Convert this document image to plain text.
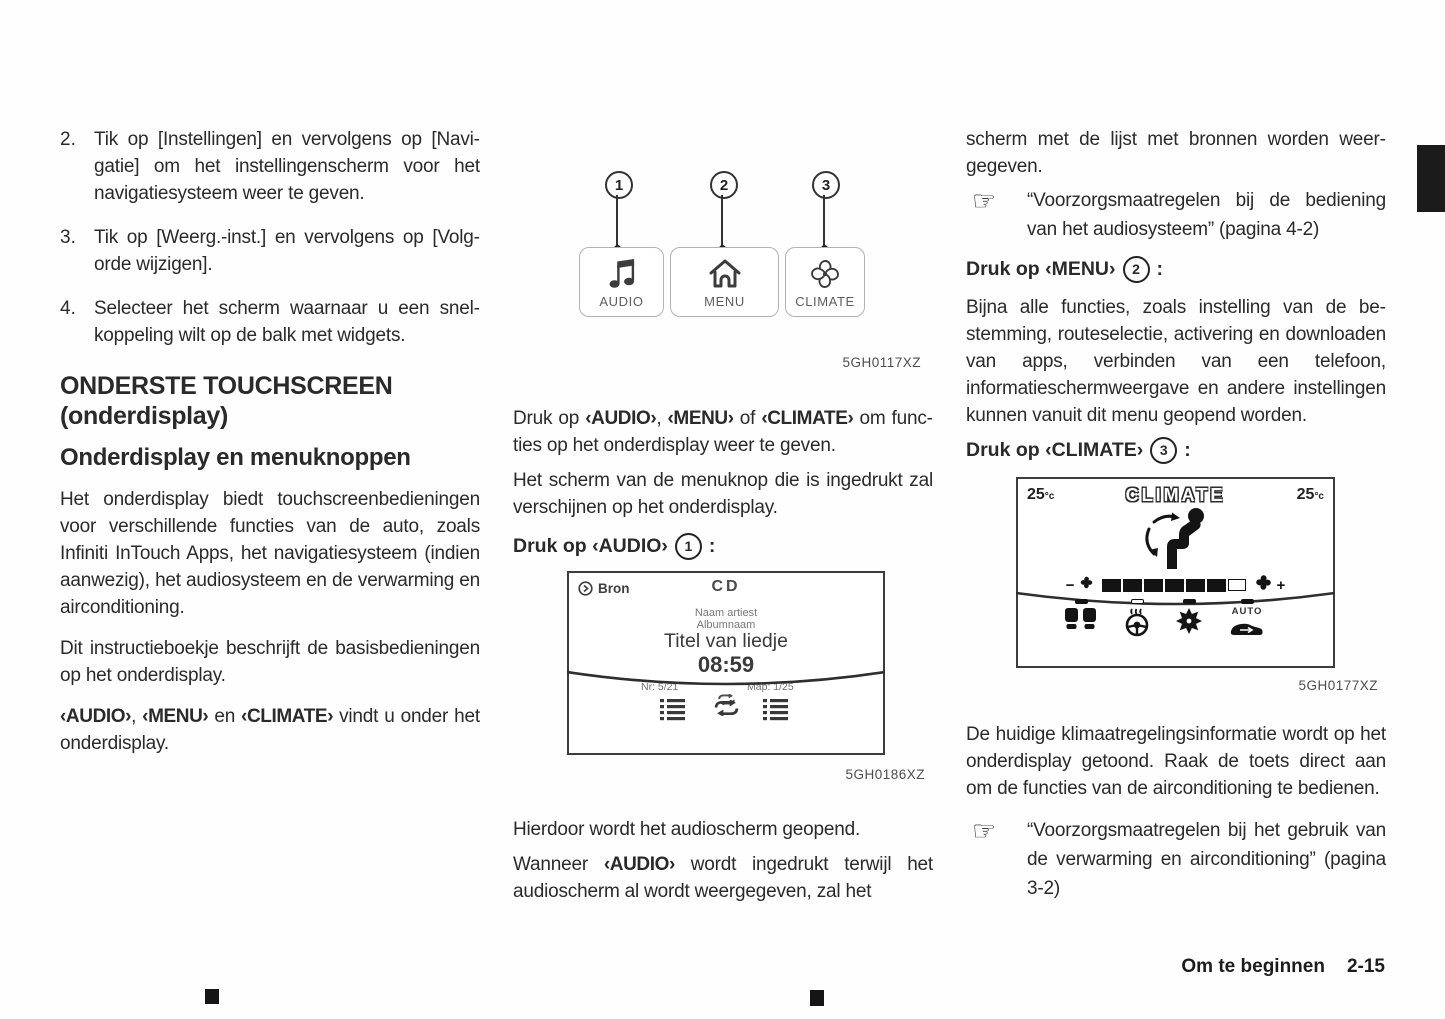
2. Tik op [Instellingen] en vervolgens op [Navigatie] om het instellingenscherm voor het navigatiesysteem weer te geven.
3. Tik op [Weerg.-inst.] en vervolgens op [Volgorde wijzigen].
4. Selecteer het scherm waarnaar u een snelkoppeling wilt op de balk met widgets.
ONDERSTE TOUCHSCREEN (onderdisplay)
Onderdisplay en menuknoppen

Het onderdisplay biedt touchscreenbedieningen voor verschillende functies van de auto, zoals Infiniti InTouch Apps, het navigatiesysteem (indien aanwezig), het audiosysteem en de verwarming en airconditioning.

Dit instructieboekje beschrijft de basisbedieningen op het onderdisplay.

‹AUDIO›, ‹MENU› en ‹CLIMATE› vindt u onder het onderdisplay.

1	2	3
AUDIO	MENU	CLIMATE
5GH0117XZ

Druk op ‹AUDIO›, ‹MENU› of ‹CLIMATE› om functies op het onderdisplay weer te geven.

Het scherm van de menuknop die is ingedrukt zal verschijnen op het onderdisplay.

Druk op ‹AUDIO›	1 :
Bron	CD
Naam artiest
Albumnaam
Titel van liedje
08:59
Nr: 5/21	Map: 1/25
5GH0186XZ

Hierdoor wordt het audioscherm geopend.

Wanneer ‹AUDIO› wordt ingedrukt terwijl het audioscherm al wordt weergegeven, zal het

scherm met de lijst met bronnen worden weergegeven.

☞ “Voorzorgsmaatregelen bij de bediening van het audiosysteem” (pagina 4-2)
Druk op ‹MENU›	2 :

Bijna alle functies, zoals instelling van de bestemming, routeselectie, activering en downloaden van apps, verbinden van een telefoon, informatieschermweergave en andere instellingen kunnen vanuit dit menu geopend worden.

Druk op ‹CLIMATE›	3 :
25°c	CLIMATE	25°c
−	+
AUTO
5GH0177XZ

De huidige klimaatregelingsinformatie wordt op het onderdisplay getoond. Raak de toets direct aan om de functies van de airconditioning te bedienen.

☞ “Voorzorgsmaatregelen bij het gebruik van de verwarming en airconditioning” (pagina 3-2)
Om te beginnen 2-15
